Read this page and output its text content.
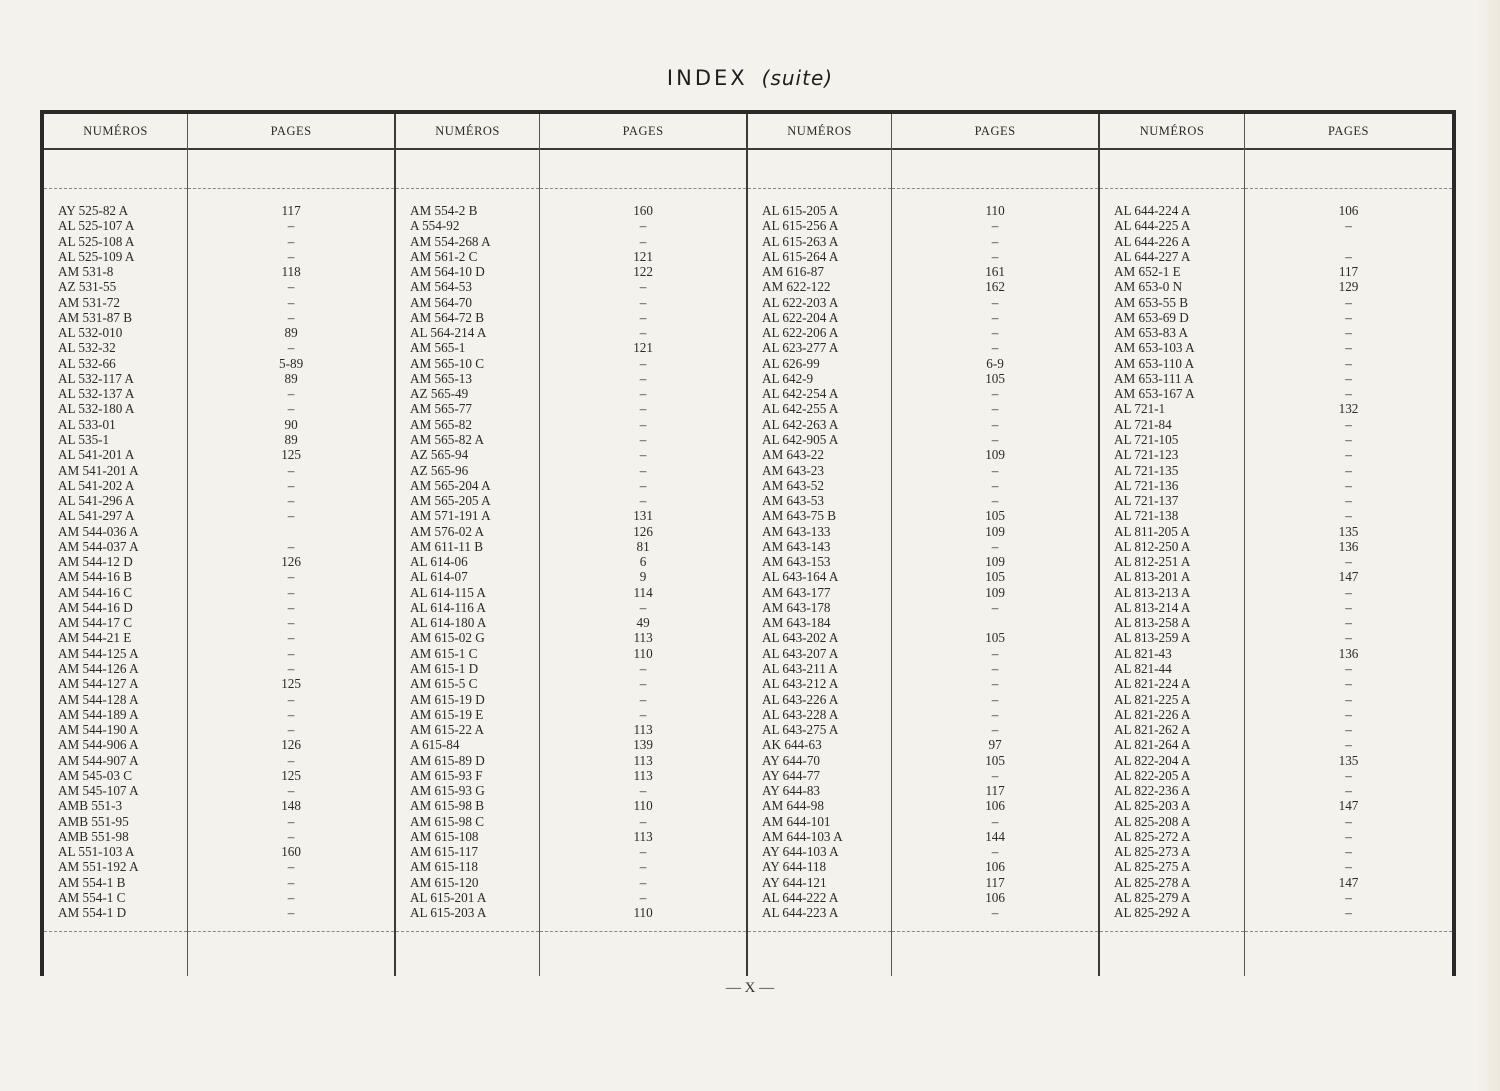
INDEX (suite)
NUMÉROS
AY 525-82 A
AL 525-107 A
AL 525-108 A
AL 525-109 A
AM 531-8
AZ 531-55
AM 531-72
AM 531-87 B
AL 532-010
AL 532-32
AL 532-66
AL 532-117 A
AL 532-137 A
AL 532-180 A
AL 533-01
AL 535-1
AL 541-201 A
AM 541-201 A
AL 541-202 A
AL 541-296 A
AL 541-297 A
AM 544-036 A
AM 544-037 A
AM 544-12 D
AM 544-16 B
AM 544-16 C
AM 544-16 D
AM 544-17 C
AM 544-21 E
AM 544-125 A
AM 544-126 A
AM 544-127 A
AM 544-128 A
AM 544-189 A
AM 544-190 A
AM 544-906 A
AM 544-907 A
AM 545-03 C
AM 545-107 A
AMB 551-3
AMB 551-95
AMB 551-98
AL 551-103 A
AM 551-192 A
AM 554-1 B
AM 554-1 C
AM 554-1 D
PAGES
117
–
–
–
118
–
–
–
89
–
5-89
89
–
–
90
89
125
–
–
–
–
–
126
–
–
–
–
–
–
–
125
–
–
–
126
–
125
–
148
–
–
160
–
–
–
–
NUMÉROS
AM 554-2 B
A 554-92
AM 554-268 A
AM 561-2 C
AM 564-10 D
AM 564-53
AM 564-70
AM 564-72 B
AL 564-214 A
AM 565-1
AM 565-10 C
AM 565-13
AZ 565-49
AM 565-77
AM 565-82
AM 565-82 A
AZ 565-94
AZ 565-96
AM 565-204 A
AM 565-205 A
AM 571-191 A
AM 576-02 A
AM 611-11 B
AL 614-06
AL 614-07
AL 614-115 A
AL 614-116 A
AL 614-180 A
AM 615-02 G
AM 615-1 C
AM 615-1 D
AM 615-5 C
AM 615-19 D
AM 615-19 E
AM 615-22 A
A 615-84
AM 615-89 D
AM 615-93 F
AM 615-93 G
AM 615-98 B
AM 615-98 C
AM 615-108
AM 615-117
AM 615-118
AM 615-120
AL 615-201 A
AL 615-203 A
PAGES
160
–
–
121
122
–
–
–
–
121
–
–
–
–
–
–
–
–
–
–
131
126
81
6
9
114
–
49
113
110
–
–
–
–
113
139
113
113
–
110
–
113
–
–
–
–
110
NUMÉROS
AL 615-205 A
AL 615-256 A
AL 615-263 A
AL 615-264 A
AM 616-87
AM 622-122
AL 622-203 A
AL 622-204 A
AL 622-206 A
AL 623-277 A
AL 626-99
AL 642-9
AL 642-254 A
AL 642-255 A
AL 642-263 A
AL 642-905 A
AM 643-22
AM 643-23
AM 643-52
AM 643-53
AM 643-75 B
AM 643-133
AM 643-143
AM 643-153
AL 643-164 A
AM 643-177
AM 643-178
AM 643-184
AL 643-202 A
AL 643-207 A
AL 643-211 A
AL 643-212 A
AL 643-226 A
AL 643-228 A
AL 643-275 A
AK 644-63
AY 644-70
AY 644-77
AY 644-83
AM 644-98
AM 644-101
AM 644-103 A
AY 644-103 A
AY 644-118
AY 644-121
AL 644-222 A
AL 644-223 A
PAGES
110
–
–
–
161
162
–
–
–
–
6-9
105
–
–
–
–
109
–
–
–
105
109
–
109
105
109
–
105
–
–
–
–
–
–
97
105
–
117
106
–
144
–
106
117
106
–
NUMÉROS
AL 644-224 A
AL 644-225 A
AL 644-226 A
AL 644-227 A
AM 652-1 E
AM 653-0 N
AM 653-55 B
AM 653-69 D
AM 653-83 A
AM 653-103 A
AM 653-110 A
AM 653-111 A
AM 653-167 A
AL 721-1
AL 721-84
AL 721-105
AL 721-123
AL 721-135
AL 721-136
AL 721-137
AL 721-138
AL 811-205 A
AL 812-250 A
AL 812-251 A
AL 813-201 A
AL 813-213 A
AL 813-214 A
AL 813-258 A
AL 813-259 A
AL 821-43
AL 821-44
AL 821-224 A
AL 821-225 A
AL 821-226 A
AL 821-262 A
AL 821-264 A
AL 822-204 A
AL 822-205 A
AL 822-236 A
AL 825-203 A
AL 825-208 A
AL 825-272 A
AL 825-273 A
AL 825-275 A
AL 825-278 A
AL 825-279 A
AL 825-292 A
PAGES
106
–
–
117
129
–
–
–
–
–
–
–
132
–
–
–
–
–
–
–
135
136
–
147
–
–
–
–
136
–
–
–
–
–
–
135
–
–
147
–
–
–
–
147
–
–
— X —
